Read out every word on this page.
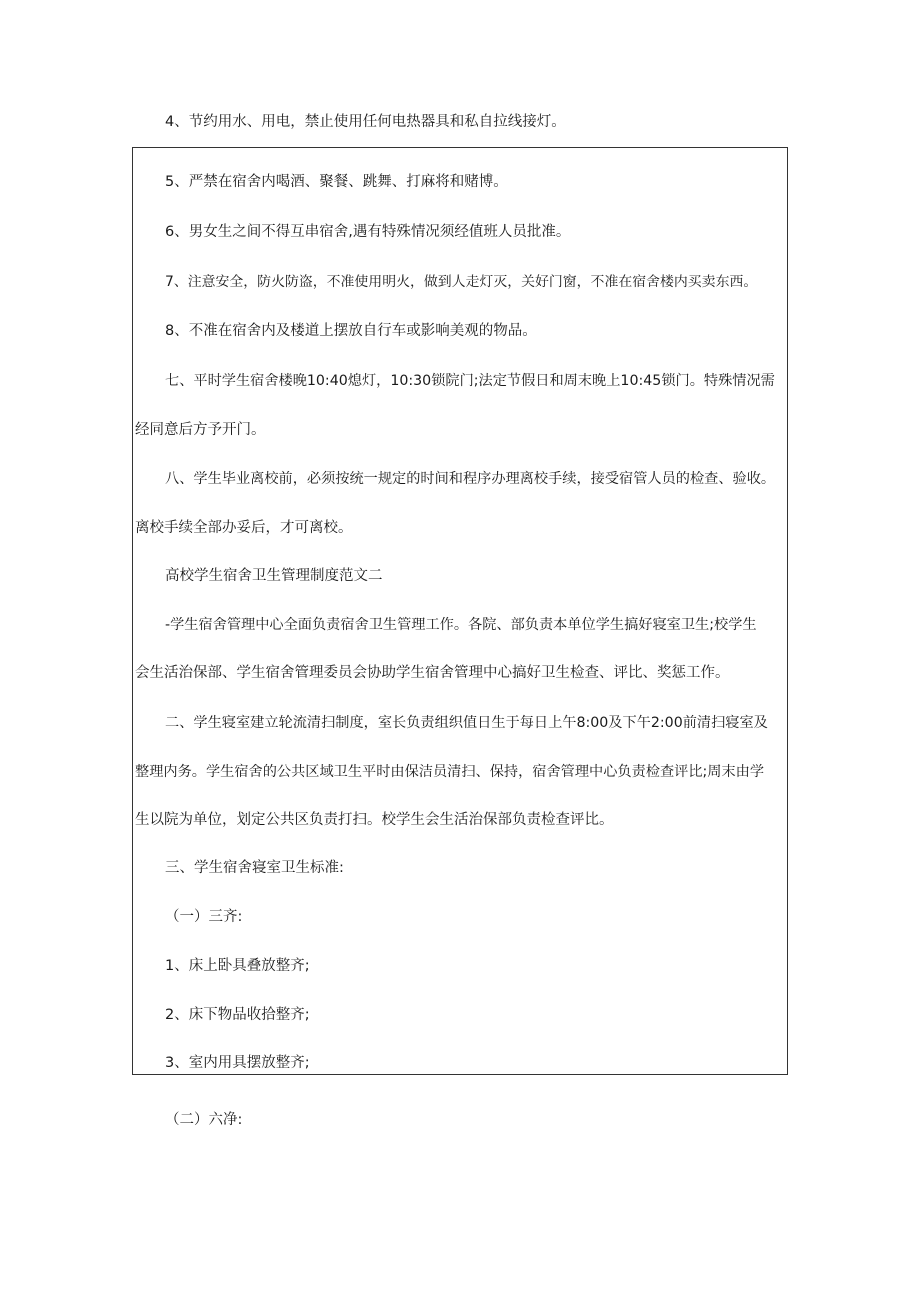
4、节约用水、用电，禁止使用任何电热器具和私自拉线接灯。
5、严禁在宿舍内喝酒、聚餐、跳舞、打麻将和赌博。
6、男女生之间不得互串宿舍,遇有特殊情况须经值班人员批准。
7、注意安全，防火防盗，不准使用明火，做到人走灯灭，关好门窗，不准在宿舍楼内买卖东西。
8、不准在宿舍内及楼道上摆放自行车或影响美观的物品。
七、平时学生宿舍楼晚10:40熄灯，10:30锁院门;法定节假日和周末晚上10:45锁门。特殊情况需
经同意后方予开门。
八、学生毕业离校前，必须按统一规定的时间和程序办理离校手续，接受宿管人员的检查、验收。
离校手续全部办妥后，才可离校。
高校学生宿舍卫生管理制度范文二
-学生宿舍管理中心全面负责宿舍卫生管理工作。各院、部负责本单位学生搞好寝室卫生;校学生
会生活治保部、学生宿舍管理委员会协助学生宿舍管理中心搞好卫生检查、评比、奖惩工作。
二、学生寝室建立轮流清扫制度，室长负责组织值日生于每日上午8:00及下午2:00前清扫寝室及
整理内务。学生宿舍的公共区域卫生平时由保洁员清扫、保持，宿舍管理中心负责检查评比;周末由学
生以院为单位，划定公共区负责打扫。校学生会生活治保部负责检查评比。
三、学生宿舍寝室卫生标准:
（一）三齐:
1、床上卧具叠放整齐;
2、床下物品收拾整齐;
3、室内用具摆放整齐;
（二）六净:
